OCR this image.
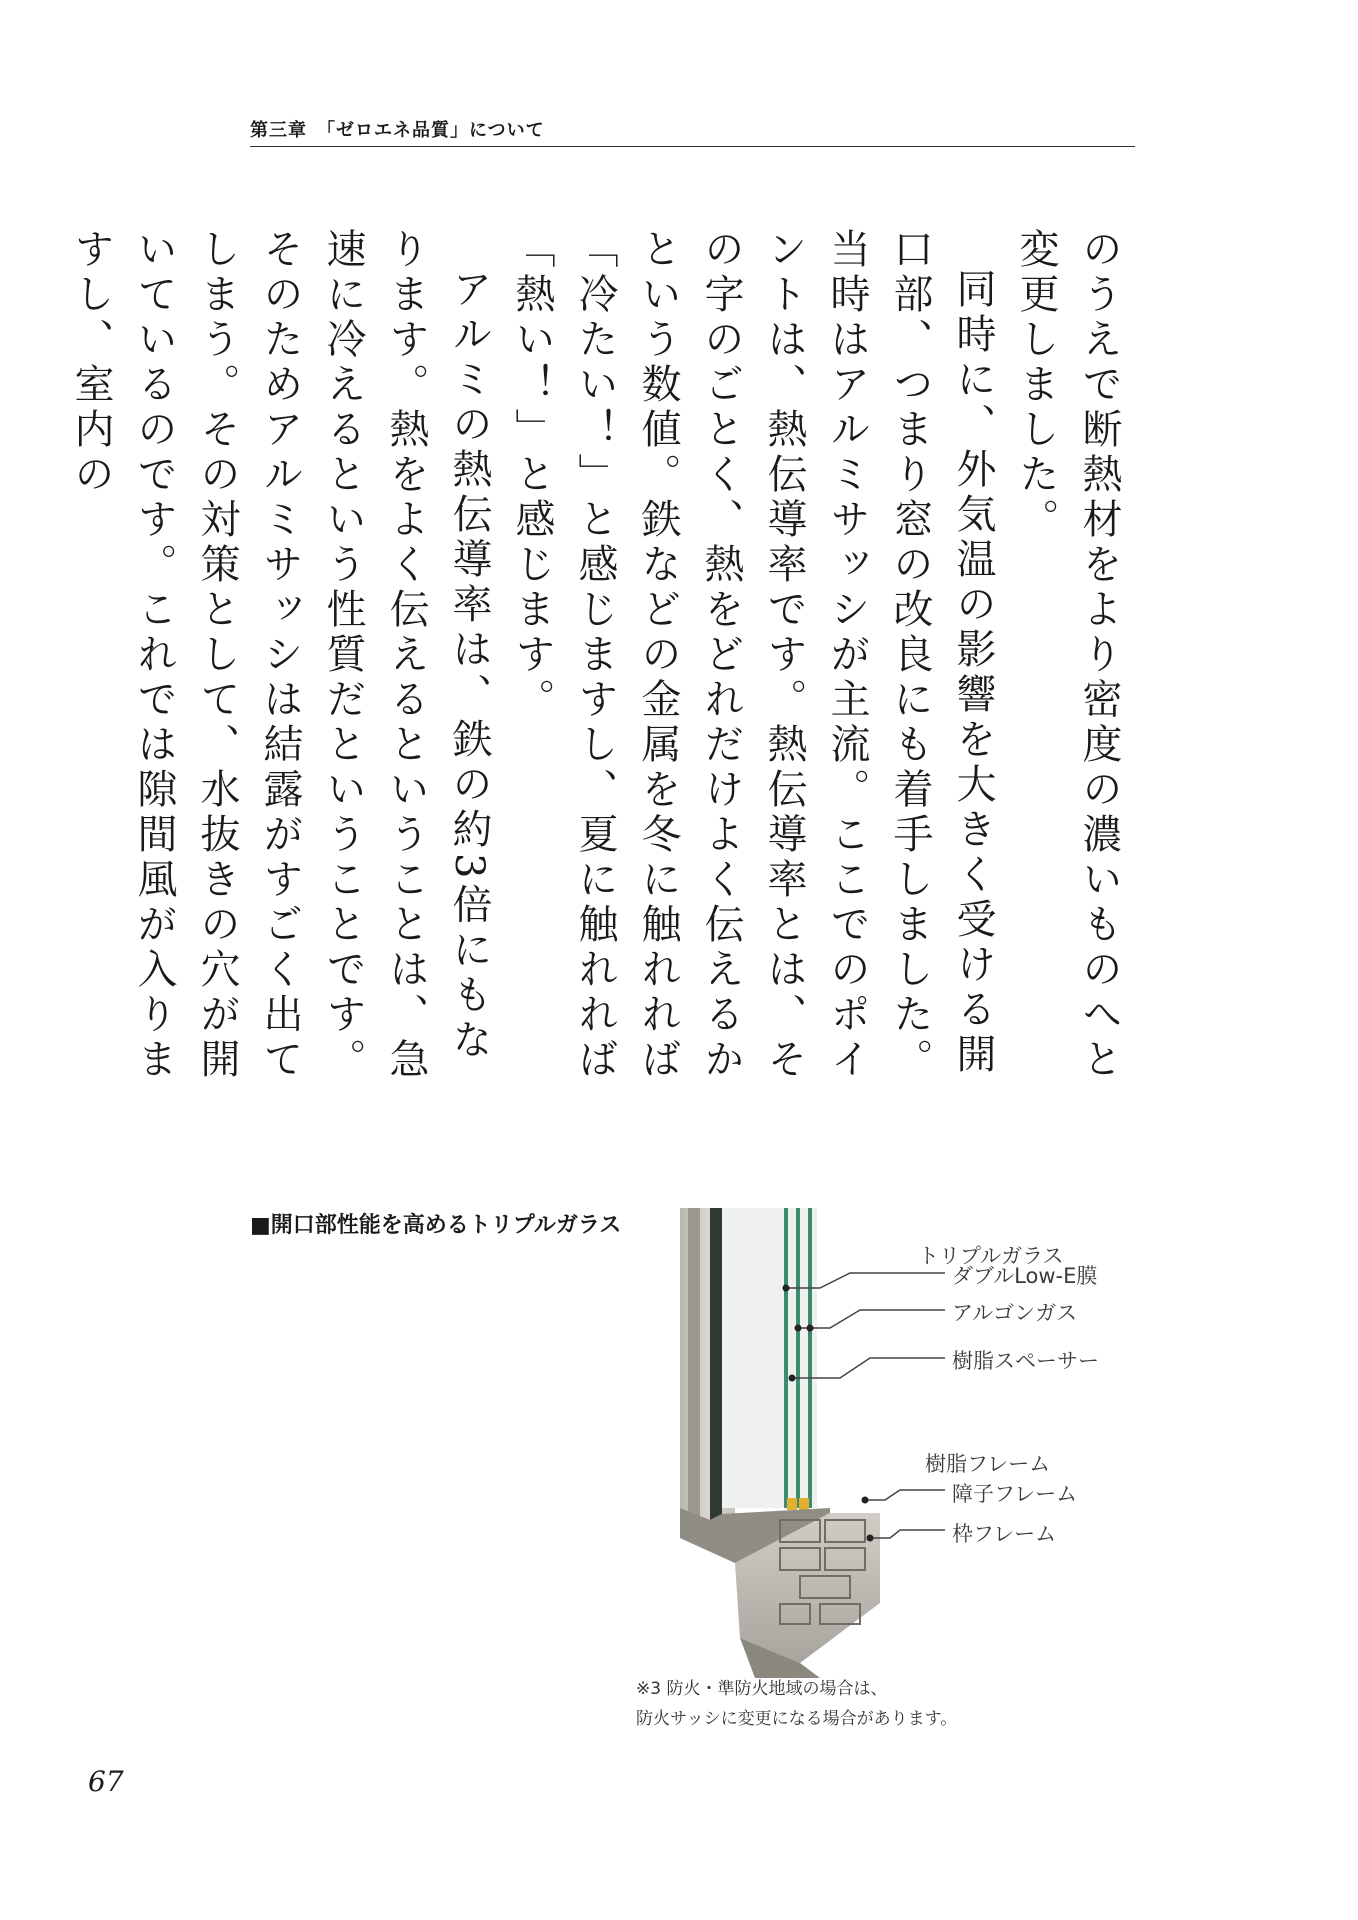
第三章　「ゼロエネ品質」について

のうえで断熱材をより密度の濃いものへと変更しました。

同時に、外気温の影響を大きく受ける開口部、つまり窓の改良にも着手しました。当時はアルミサッシが主流。ここでのポイントは、熱伝導率です。熱伝導率とは、その字のごとく、熱をどれだけよく伝えるかという数値。鉄などの金属を冬に触れれば「冷たい！」と感じますし、夏に触れれば「熱い！」と感じます。

アルミの熱伝導率は、鉄の約3倍にもなります。熱をよく伝えるということは、急速に冷えるという性質だということです。そのためアルミサッシは結露がすごく出てしまう。その対策として、水抜きの穴が開いているのです。これでは隙間風が入りますし、室内の

■開口部性能を高めるトリプルガラス
トリプルガラス
ダブルLow-E膜
アルゴンガス
樹脂スペーサー
樹脂フレーム
障子フレーム
枠フレーム
※3 防火・準防火地域の場合は、
防火サッシに変更になる場合があります。
67
